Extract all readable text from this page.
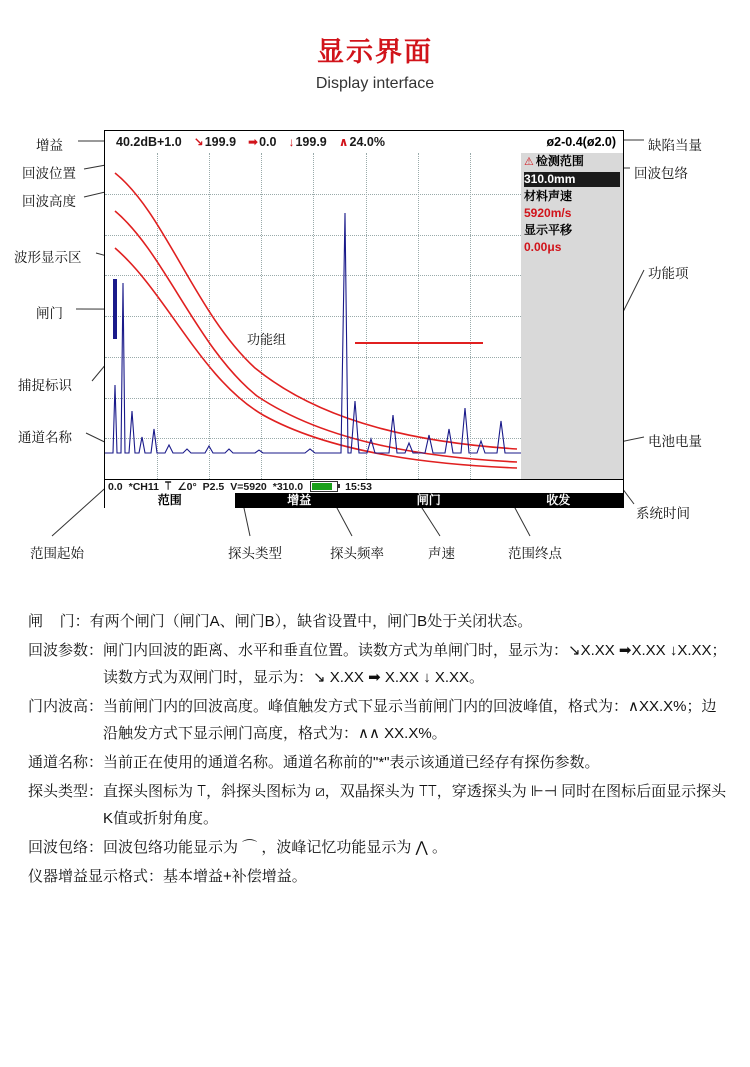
显示界面
Display interface
增益
回波位置
回波高度
波形显示区
闸门
捕捉标识
通道名称
缺陷当量
回波包络
功能项
电池电量
系统时间
范围起始	探头类型	探头频率	声速	范围终点
40.2dB+1.0 ↘ 199.9 ➡ 0.0 ↓ 199.9 ∧ 24.0%	ø2-0.4(ø2.0)
功能组
⚠ 检测范围
310.0mm
材料声速
5920m/s
显示平移
0.00μs
0.0 *CH11 ⟙ ∠0° P2.5 V=5920 *310.0	15:53
范围	增益	闸门	收发
闸    门： 有两个闸门（闸门A、闸门B），缺省设置中，闸门B处于关闭状态。
回波参数： 闸门内回波的距离、水平和垂直位置。读数方式为单闸门时，显示为：↘X.XX ➡X.XX ↓X.XX；读数方式为双闸门时，显示为：↘ X.XX ➡ X.XX ↓ X.XX。
门内波高： 当前闸门内的回波高度。峰值触发方式下显示当前闸门内的回波峰值，格式为：∧XX.X%；边沿触发方式下显示闸门高度，格式为：∧∧ XX.X%。
通道名称： 当前正在使用的通道名称。通道名称前的"*"表示该通道已经存有探伤参数。
探头类型： 直探头图标为 ⟙，斜探头图标为 ⧄，双晶探头为 ⟙⟙，穿透探头为 ⊩⊣ 同时在图标后面显示探头K值或折射角度。
回波包络： 回波包络功能显示为 ⌒ ，波峰记忆功能显示为 ⋀ 。
仪器增益显示格式： 基本增益+补偿增益。
